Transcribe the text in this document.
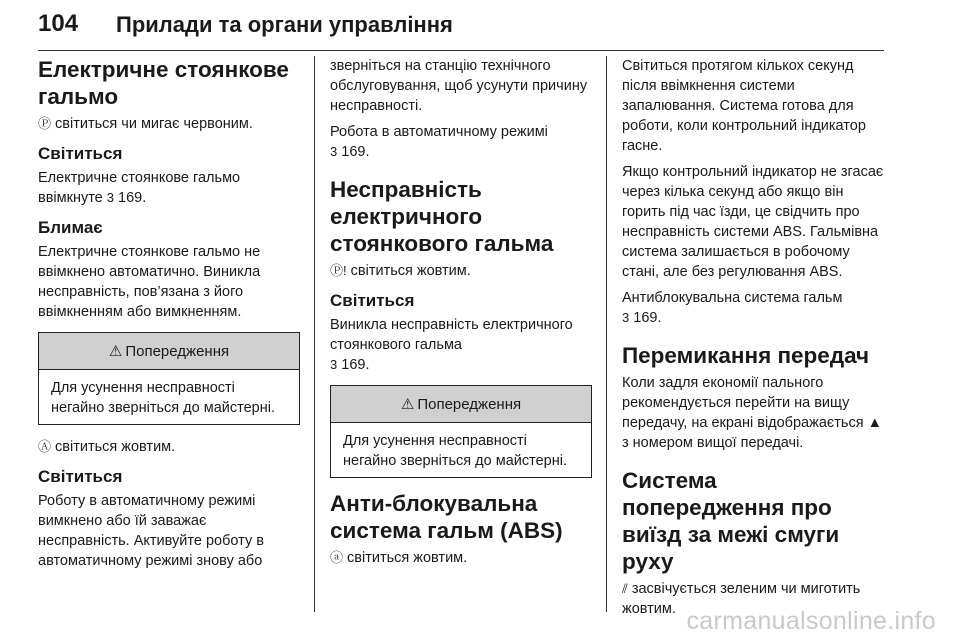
104 Прилади та органи управління
Електричне стоянкове гальмо

Ⓟ світиться чи мигає червоним.

Світиться

Електричне стоянкове гальмо ввімкнуте 3 169.

Блимає

Електричне стоянкове гальмо не ввімкнено автоматично. Виникла несправність, пов’язана з його ввімкненням або вимкненням.

⚠ Попередження
Для усунення несправності негайно зверніться до майстерні.

Ⓐ світиться жовтим.

Світиться

Роботу в автоматичному режимі вимкнено або їй заважає несправність. Активуйте роботу в автоматичному режимі знову або

зверніться на станцію технічного обслуговування, щоб усунути причину несправності.

Робота в автоматичному режимі
3 169.

Несправність електричного стоянкового гальма

Ⓟ! світиться жовтим.

Світиться

Виникла несправність електричного стоянкового гальма
3 169.

⚠ Попередження
Для усунення несправності негайно зверніться до майстерні.
Анти-блокувальна система гальм (ABS)

ⓐ світиться жовтим.

Світиться протягом кількох секунд після ввімкнення системи запалювання. Система готова для роботи, коли контрольний індикатор гасне.

Якщо контрольний індикатор не згасає через кілька секунд або якщо він горить під час їзди, це свідчить про несправність системи ABS. Гальмівна система залишається в робочому стані, але без регулювання ABS.

Антиблокувальна система гальм
3 169.

Перемикання передач

Коли задля економії пального рекомендується перейти на вищу передачу, на екрані відображається ▲ з номером вищої передачі.

Система попередження про виїзд за межі смуги руху

⫽ засвічується зеленим чи миготить жовтим. carmanualsonline.info
